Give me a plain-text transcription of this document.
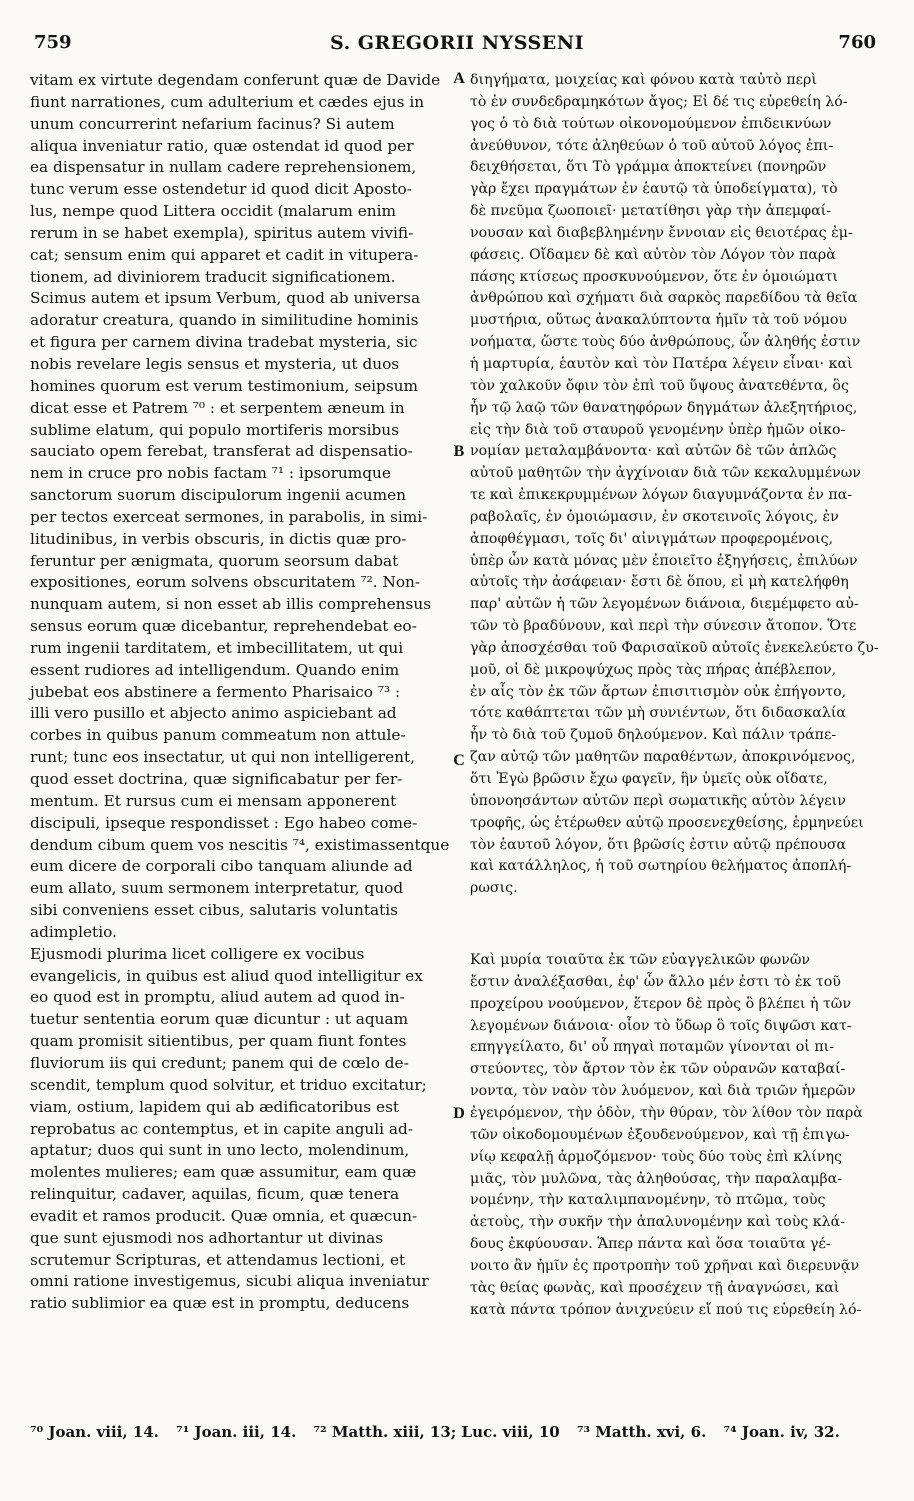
759	S. GREGORII NYSSENI	760
vitam ex virtute degendam conferunt quæ de Davide
fiunt narrationes, cum adulterium et cædes ejus in
unum concurrerint nefarium facinus? Si autem
aliqua inveniatur ratio, quæ ostendat id quod per
ea dispensatur in nullam cadere reprehensionem,
tunc verum esse ostendetur id quod dicit Aposto-
lus, nempe quod Littera occidit (malarum enim
rerum in se habet exempla), spiritus autem vivifi-
cat; sensum enim qui apparet et cadit in vitupera-
tionem, ad diviniorem traducit significationem.
Scimus autem et ipsum Verbum, quod ab universa
adoratur creatura, quando in similitudine hominis
et figura per carnem divina tradebat mysteria, sic
nobis revelare legis sensus et mysteria, ut duos
homines quorum est verum testimonium, seipsum
dicat esse et Patrem ⁷⁰ : et serpentem æneum in
sublime elatum, qui populo mortiferis morsibus
sauciato opem ferebat, transferat ad dispensatio-
nem in cruce pro nobis factam ⁷¹ : ipsorumque
sanctorum suorum discipulorum ingenii acumen
per tectos exerceat sermones, in parabolis, in simi-
litudinibus, in verbis obscuris, in dictis quæ pro-
feruntur per ænigmata, quorum seorsum dabat
expositiones, eorum solvens obscuritatem ⁷². Non-
nunquam autem, si non esset ab illis comprehensus
sensus eorum quæ dicebantur, reprehendebat eo-
rum ingenii tarditatem, et imbecillitatem, ut qui
essent rudiores ad intelligendum. Quando enim
jubebat eos abstinere a fermento Pharisaico ⁷³ :
illi vero pusillo et abjecto animo aspiciebant ad
corbes in quibus panum commeatum non attule-
runt; tunc eos insectatur, ut qui non intelligerent,
quod esset doctrina, quæ significabatur per fer-
mentum. Et rursus cum ei mensam apponerent
discipuli, ipseque respondisset : Ego habeo come-
dendum cibum quem vos nescitis ⁷⁴, existimassentque
eum dicere de corporali cibo tanquam aliunde ad
eum allato, suum sermonem interpretatur, quod
sibi conveniens esset cibus, salutaris voluntatis
adimpletio.
Ejusmodi plurima licet colligere ex vocibus
evangelicis, in quibus est aliud quod intelligitur ex
eo quod est in promptu, aliud autem ad quod in-
tuetur sententia eorum quæ dicuntur : ut aquam
quam promisit sitientibus, per quam fiunt fontes
fluviorum iis qui credunt; panem qui de cœlo de-
scendit, templum quod solvitur, et triduo excitatur;
viam, ostium, lapidem qui ab ædificatoribus est
reprobatus ac contemptus, et in capite anguli ad-
aptatur; duos qui sunt in uno lecto, molendinum,
molentes mulieres; eam quæ assumitur, eam quæ
relinquitur, cadaver, aquilas, ficum, quæ tenera
evadit et ramos producit. Quæ omnia, et quæcun-
que sunt ejusmodi nos adhortantur ut divinas
scrutemur Scripturas, et attendamus lectioni, et
omni ratione investigemus, sicubi aliqua inveniatur
ratio sublimior ea quæ est in promptu, deducens
διηγήματα, μοιχείας καὶ φόνου κατὰ ταὐτὸ περὶ
τὸ ἐν συνδεδραμηκότων ἄγος; Εἰ δέ τις εὑρεθείη λό-
γος ὁ τὸ διὰ τούτων οἰκονομούμενον ἐπιδεικνύων
ἀνεύθυνον, τότε ἀληθεύων ὁ τοῦ αὐτοῦ λόγος ἐπι-
δειχθήσεται, ὅτι Τὸ γράμμα ἀποκτείνει (πονηρῶν
γὰρ ἔχει πραγμάτων ἐν ἑαυτῷ τὰ ὑποδείγματα), τὸ
δὲ πνεῦμα ζωοποιεῖ· μετατίθησι γὰρ τὴν ἀπεμφαί-
νουσαν καὶ διαβεβλημένην ἔννοιαν εἰς θειοτέρας ἐμ-
φάσεις. Οἴδαμεν δὲ καὶ αὐτὸν τὸν Λόγον τὸν παρὰ
πάσης κτίσεως προσκυνούμενον, ὅτε ἐν ὁμοιώματι
ἀνθρώπου καὶ σχήματι διὰ σαρκὸς παρεδίδου τὰ θεῖα
μυστήρια, οὕτως ἀνακαλύπτοντα ἡμῖν τὰ τοῦ νόμου
νοήματα, ὥστε τοὺς δύο ἀνθρώπους, ὧν ἀληθής ἐστιν
ἡ μαρτυρία, ἑαυτὸν καὶ τὸν Πατέρα λέγειν εἶναι· καὶ
τὸν χαλκοῦν ὄφιν τὸν ἐπὶ τοῦ ὕψους ἀνατεθέντα, ὃς
ἦν τῷ λαῷ τῶν θανατηφόρων δηγμάτων ἀλεξητήριος,
εἰς τὴν διὰ τοῦ σταυροῦ γενομένην ὑπὲρ ἡμῶν οἰκο-
νομίαν μεταλαμβάνοντα· καὶ αὐτῶν δὲ τῶν ἁπλῶς
αὐτοῦ μαθητῶν τὴν ἀγχίνοιαν διὰ τῶν κεκαλυμμένων
τε καὶ ἐπικεκρυμμένων λόγων διαγυμνάζοντα ἐν πα-
ραβολαῖς, ἐν ὁμοιώμασιν, ἐν σκοτεινοῖς λόγοις, ἐν
ἀποφθέγμασι, τοῖς δι' αἰνιγμάτων προφερομένοις,
ὑπὲρ ὧν κατὰ μόνας μὲν ἐποιεῖτο ἐξηγήσεις, ἐπιλύων
αὐτοῖς τὴν ἀσάφειαν· ἔστι δὲ ὅπου, εἰ μὴ κατελήφθη
παρ' αὐτῶν ἡ τῶν λεγομένων διάνοια, διεμέμφετο αὐ-
τῶν τὸ βραδύνουν, καὶ περὶ τὴν σύνεσιν ἄτοπον. Ὅτε
γὰρ ἀποσχέσθαι τοῦ Φαρισαϊκοῦ αὐτοῖς ἐνεκελεύετο ζυ-
μοῦ, οἱ δὲ μικροψύχως πρὸς τὰς πήρας ἀπέβλεπον,
ἐν αἷς τὸν ἐκ τῶν ἄρτων ἐπισιτισμὸν οὐκ ἐπήγοντο,
τότε καθάπτεται τῶν μὴ συνιέντων, ὅτι διδασκαλία
ἦν τὸ διὰ τοῦ ζυμοῦ δηλούμενον. Καὶ πάλιν τράπε-
ζαν αὐτῷ τῶν μαθητῶν παραθέντων, ἀποκρινόμενος,
ὅτι Ἐγὼ βρῶσιν ἔχω φαγεῖν, ἣν ὑμεῖς οὐκ οἴδατε,
ὑπονοησάντων αὐτῶν περὶ σωματικῆς αὐτὸν λέγειν
τροφῆς, ὡς ἑτέρωθεν αὐτῷ προσενεχθείσης, ἑρμηνεύει
τὸν ἑαυτοῦ λόγον, ὅτι βρῶσίς ἐστιν αὐτῷ πρέπουσα
καὶ κατάλληλος, ἡ τοῦ σωτηρίου θελήματος ἀποπλή-
ρωσις.
Καὶ μυρία τοιαῦτα ἐκ τῶν εὐαγγελικῶν φωνῶν
ἔστιν ἀναλέξασθαι, ἐφ' ὧν ἄλλο μέν ἐστι τὸ ἐκ τοῦ
προχείρου νοούμενον, ἕτερον δὲ πρὸς ὃ βλέπει ἡ τῶν
λεγομένων διάνοια· οἷον τὸ ὕδωρ ὃ τοῖς διψῶσι κατ-
επηγγείλατο, δι' οὗ πηγαὶ ποταμῶν γίνονται οἱ πι-
στεύοντες, τὸν ἄρτον τὸν ἐκ τῶν οὐρανῶν καταβαί-
νοντα, τὸν ναὸν τὸν λυόμενον, καὶ διὰ τριῶν ἡμερῶν
ἐγειρόμενον, τὴν ὁδὸν, τὴν θύραν, τὸν λίθον τὸν παρὰ
τῶν οἰκοδομουμένων ἐξουδενούμενον, καὶ τῇ ἐπιγω-
νίῳ κεφαλῇ ἁρμοζόμενον· τοὺς δύο τοὺς ἐπὶ κλίνης
μιᾶς, τὸν μυλῶνα, τὰς ἀληθούσας, τὴν παραλαμβα-
νομένην, τὴν καταλιμπανομένην, τὸ πτῶμα, τοὺς
ἀετοὺς, τὴν συκῆν τὴν ἁπαλυνομένην καὶ τοὺς κλά-
δους ἐκφύουσαν. Ἅπερ πάντα καὶ ὅσα τοιαῦτα γέ-
νοιτο ἂν ἡμῖν ἐς προτροπὴν τοῦ χρῆναι καὶ διερευνᾷν
τὰς θείας φωνὰς, καὶ προσέχειν τῇ ἀναγνώσει, καὶ
κατὰ πάντα τρόπον ἀνιχνεύειν εἴ πού τις εὑρεθείη λό-
A
B
C
D
⁷⁰ Joan. viii, 14. ⁷¹ Joan. iii, 14. ⁷² Matth. xiii, 13; Luc. viii, 10 ⁷³ Matth. xvi, 6. ⁷⁴ Joan. iv, 32.
